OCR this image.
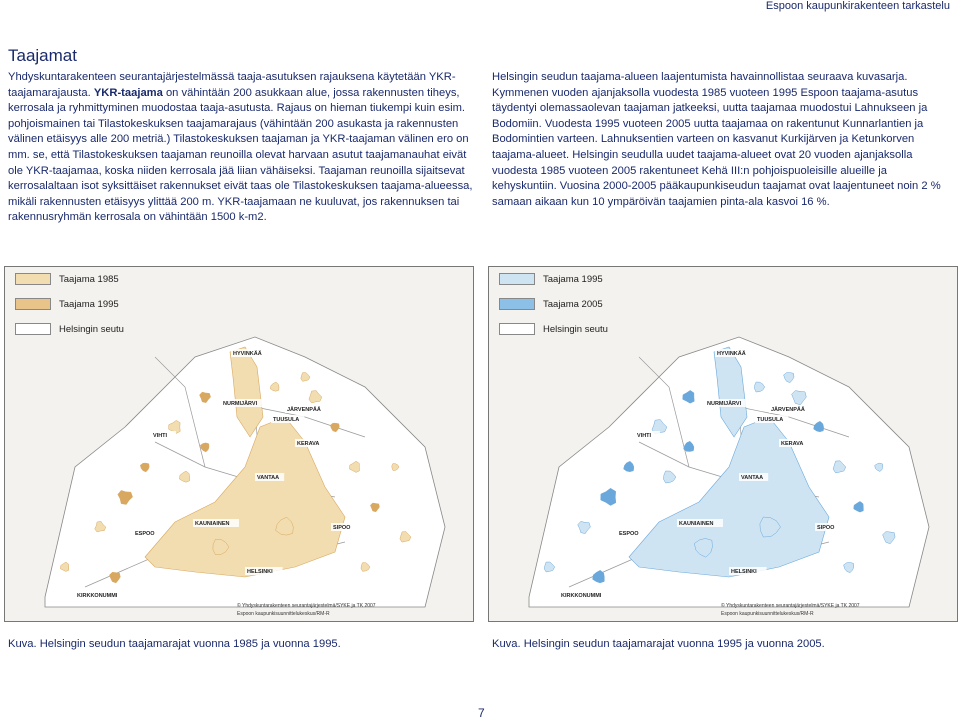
Espoon kaupunkirakenteen tarkastelu
Taajamat
Yhdyskuntarakenteen seurantajärjestelmässä taaja-asutuksen rajauksena käytetään YKR-taajamarajausta. YKR-taajama on vähintään 200 asukkaan alue, jossa rakennusten tiheys, kerrosala ja ryhmittyminen muodostaa taaja-asutusta. Rajaus on hieman tiukempi kuin esim. pohjoismainen tai Tilastokeskuksen taajamarajaus (vähintään 200 asukasta ja rakennusten välinen etäisyys alle 200 metriä.) Tilastokeskuksen taajaman ja YKR-taajaman välinen ero on mm. se, että Tilastokeskuksen taajaman reunoilla olevat harvaan asutut taajamanauhat eivät ole YKR-taajamaa, koska niiden kerrosala jää liian vähäiseksi. Taajaman reunoilla sijaitsevat kerrosalaltaan isot syksittäiset rakennukset eivät taas ole Tilastokeskuksen taajama-alueessa, mikäli rakennusten etäisyys ylittää 200 m. YKR-taajamaan ne kuuluvat, jos rakennuksen tai rakennusryhmän kerrosala on vähintään 1500 k-m2.
Helsingin seudun taajama-alueen laajentumista havainnollistaa seuraava kuvasarja. Kymmenen vuoden ajanjaksolla vuodesta 1985 vuoteen 1995 Espoon taajama-asutus täydentyi olemassaolevan taajaman jatkeeksi, uutta taajamaa muodostui Lahnukseen ja Bodomiin. Vuodesta 1995 vuoteen 2005 uutta taajamaa on rakentunut Kunnarlantien ja Bodomintien varteen. Lahnuksentien varteen on kasvanut Kurkijärven ja Ketunkorven taajama-alueet. Helsingin seudulla uudet taajama-alueet ovat 20 vuoden ajanjaksolla vuodesta 1985 vuoteen 2005 rakentuneet Kehä III:n pohjoispuoleisille alueille ja kehyskuntiin. Vuosina 2000-2005 pääkaupunkiseudun taajamat ovat laajentuneet noin 2 % samaan aikaan kun 10 ympäröivän taajamien pinta-ala kasvoi 16 %.
HYVINKÄÄ
NURMIJÄRVI
JÄRVENPÄÄ
TUUSULA
VIHTI
KERAVA
VANTAA
KAUNIAINEN
ESPOO
SIPOO
HELSINKI
KIRKKONUMMI
© Yhdyskuntarakenteen seurantajärjestelmä/SYKE ja TK 2007
Espoon kaupunkisuunnittelukeskus/RM-R
Taajama 1985
Taajama 1995
Helsingin seutu
HYVINKÄÄ
NURMIJÄRVI
JÄRVENPÄÄ
TUUSULA
VIHTI
KERAVA
VANTAA
KAUNIAINEN
ESPOO
SIPOO
HELSINKI
KIRKKONUMMI
© Yhdyskuntarakenteen seurantajärjestelmä/SYKE ja TK 2007
Espoon kaupunkisuunnittelukeskus/RM-R
Taajama 1995
Taajama 2005
Helsingin seutu
Kuva. Helsingin seudun taajamarajat vuonna 1985 ja vuonna 1995.	Kuva. Helsingin seudun taajamarajat vuonna 1995 ja vuonna 2005.
7
